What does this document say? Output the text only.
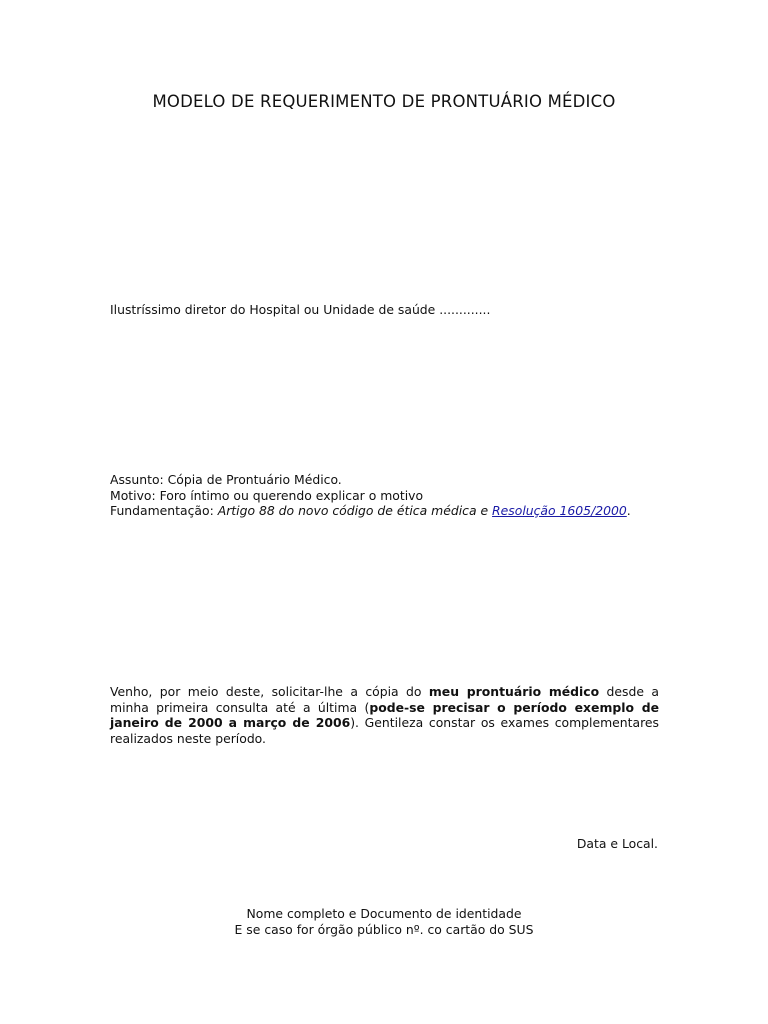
MODELO DE REQUERIMENTO DE PRONTUÁRIO MÉDICO
Ilustríssimo diretor do Hospital ou Unidade de saúde .............
Assunto: Cópia de Prontuário Médico.
Motivo: Foro íntimo ou querendo explicar o motivo
Fundamentação: Artigo 88 do novo código de ética médica e Resolução 1605/2000.
Venho, por meio deste, solicitar-lhe a cópia do meu prontuário médico desde a minha primeira consulta até a última (pode-se precisar o período exemplo de janeiro de 2000 a março de 2006). Gentileza constar os exames complementares realizados neste período.
Data e Local.
Nome completo e Documento de identidade
E se caso for órgão público nº. co cartão do SUS
